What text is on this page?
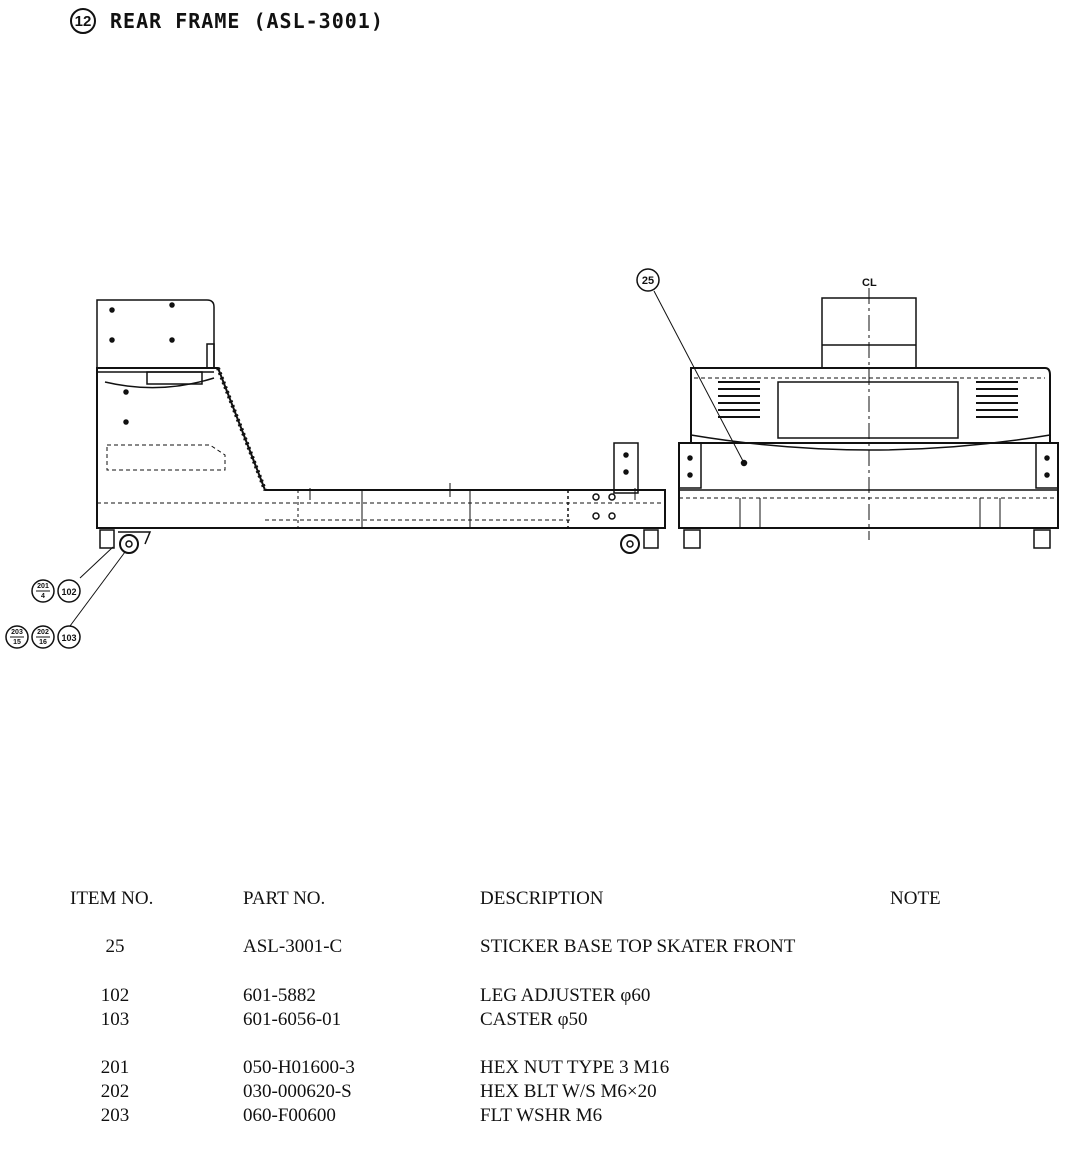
12 REAR FRAME (ASL-3001)
CL
25
201
4 102
203
15
202
16 103
ITEM NO.	PART NO.	DESCRIPTION	NOTE
25	ASL-3001-C	STICKER BASE TOP SKATER FRONT
102	601-5882	LEG ADJUSTER φ60
103	601-6056-01	CASTER φ50
201	050-H01600-3	HEX NUT TYPE 3 M16
202	030-000620-S	HEX BLT W/S M6×20
203	060-F00600	FLT WSHR M6
